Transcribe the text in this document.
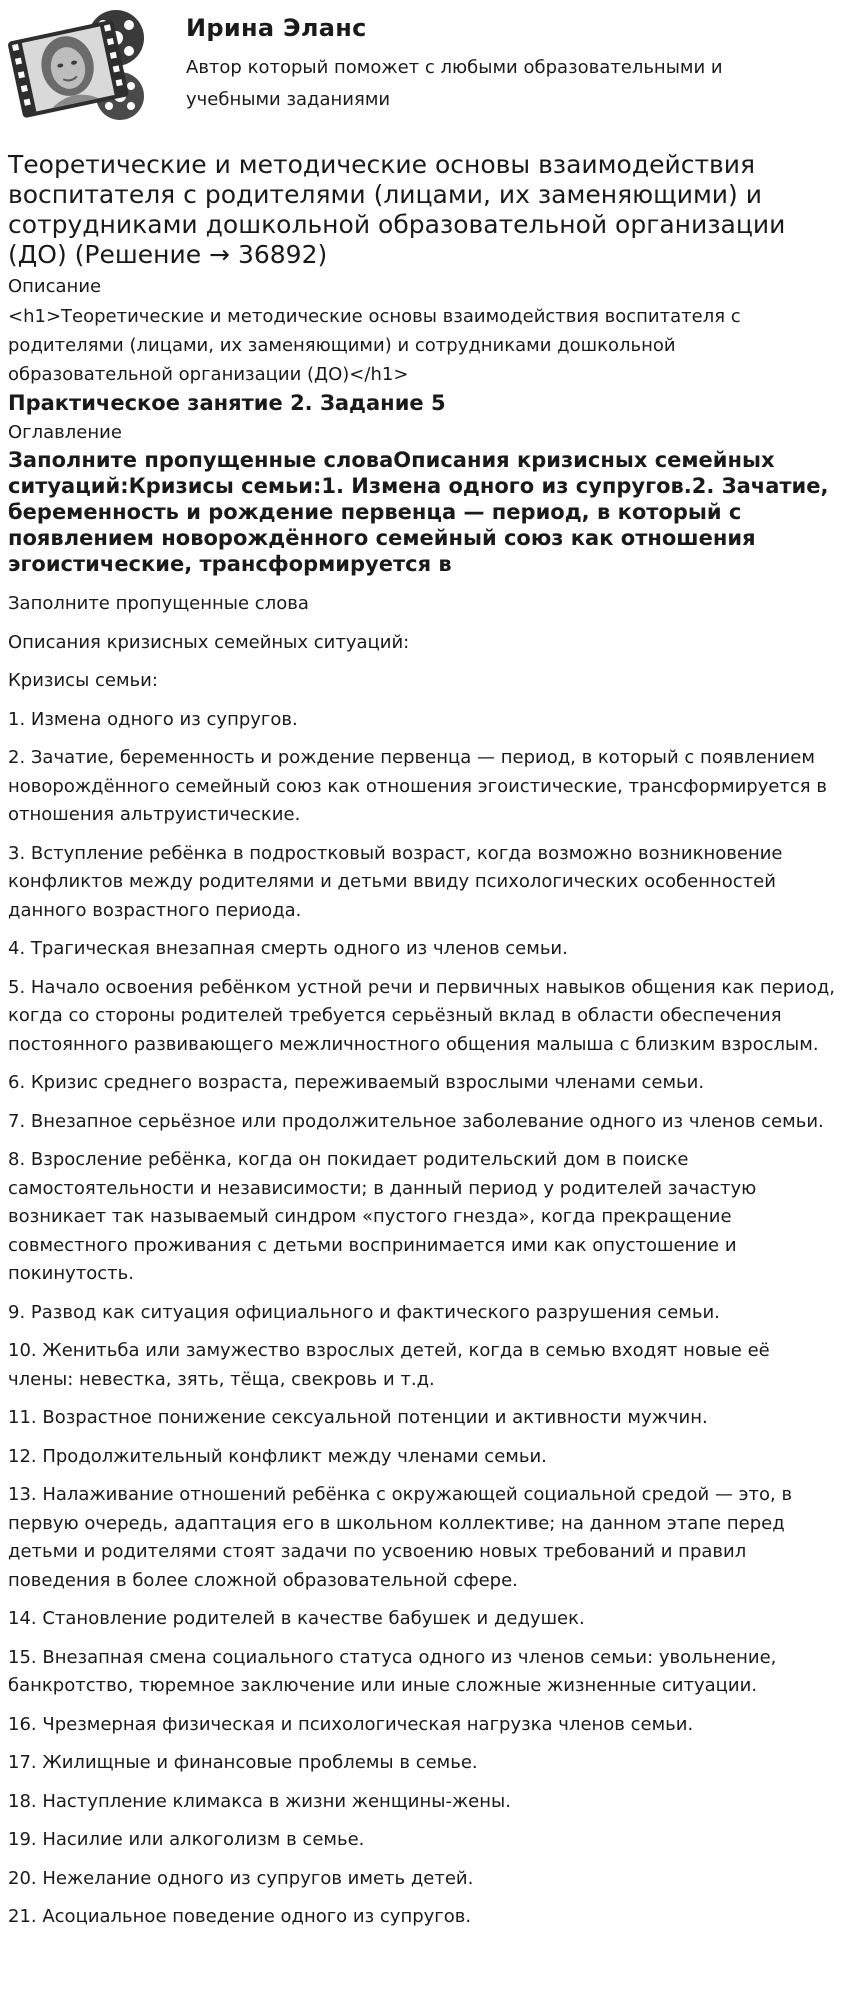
Ирина Эланс
Автор который поможет с любыми образовательными и учебными заданиями
Теоретические и методические основы взаимодействия воспитателя с родителями (лицами, их заменяющими) и сотрудниками дошкольной образовательной организации (ДО) (Решение → 36892)
Описание
<h1>Теоретические и методические основы взаимодействия воспитателя с родителями (лицами, их заменяющими) и сотрудниками дошкольной образовательной организации (ДО)</h1>
Практическое занятие 2. Задание 5
Оглавление
Заполните пропущенные словаОписания кризисных семейных ситуаций:Кризисы семьи:1. Измена одного из супругов.2. Зачатие, беременность и рождение первенца — период, в который с появлением новорождённого семейный союз как отношения эгоистические, трансформируется в

Заполните пропущенные слова

Описания кризисных семейных ситуаций:

Кризисы семьи:

1. Измена одного из супругов.

2. Зачатие, беременность и рождение первенца — период, в который с появлением новорождённого семейный союз как отношения эгоистические, трансформируется в отношения альтруистические.

3. Вступление ребёнка в подростковый возраст, когда возможно возникновение конфликтов между родителями и детьми ввиду психологических особенностей данного возрастного периода.

4. Трагическая внезапная смерть одного из членов семьи.

5. Начало освоения ребёнком устной речи и первичных навыков общения как период, когда со стороны родителей требуется серьёзный вклад в области обеспечения постоянного развивающего межличностного общения малыша с близким взрослым.

6. Кризис среднего возраста, переживаемый взрослыми членами семьи.

7. Внезапное серьёзное или продолжительное заболевание одного из членов семьи.

8. Взросление ребёнка, когда он покидает родительский дом в поиске самостоятельности и независимости; в данный период у родителей зачастую возникает так называемый синдром «пустого гнезда», когда прекращение совместного проживания с детьми воспринимается ими как опустошение и покинутость.

9. Развод как ситуация официального и фактического разрушения семьи.

10. Женитьба или замужество взрослых детей, когда в семью входят новые её члены: невестка, зять, тёща, свекровь и т.д.

11. Возрастное понижение сексуальной потенции и активности мужчин.

12. Продолжительный конфликт между членами семьи.

13. Налаживание отношений ребёнка с окружающей социальной средой — это, в первую очередь, адаптация его в школьном коллективе; на данном этапе перед детьми и родителями стоят задачи по усвоению новых требований и правил поведения в более сложной образовательной сфере.

14. Становление родителей в качестве бабушек и дедушек.

15. Внезапная смена социального статуса одного из членов семьи: увольнение, банкротство, тюремное заключение или иные сложные жизненные ситуации.

16. Чрезмерная физическая и психологическая нагрузка членов семьи.

17. Жилищные и финансовые проблемы в семье.

18. Наступление климакса в жизни женщины-жены.

19. Насилие или алкоголизм в семье.

20. Нежелание одного из супругов иметь детей.

21. Асоциальное поведение одного из супругов.
